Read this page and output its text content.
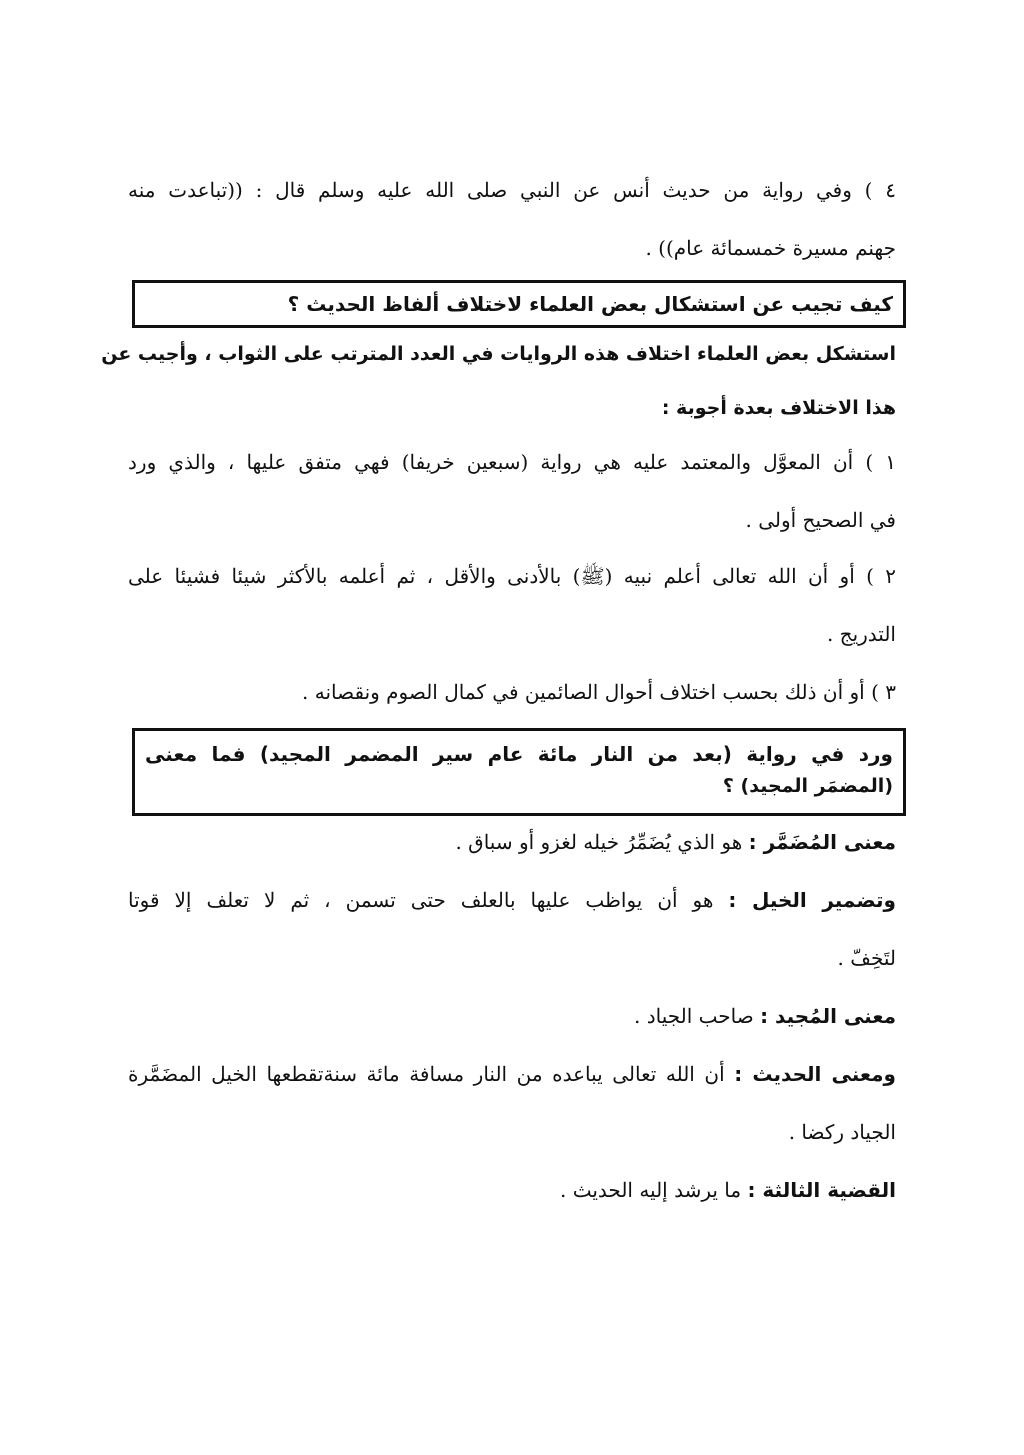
٤ ) وفي رواية من حديث أنس عن النبي صلى الله عليه وسلم قال : ((تباعدت منه
جهنم مسيرة خمسمائة عام)) .
كيف تجيب عن استشكال بعض العلماء لاختلاف ألفاظ الحديث ؟
استشكل بعض العلماء اختلاف هذه الروايات في العدد المترتب على الثواب ، وأجيب عن
هذا الاختلاف بعدة أجوبة :
١ ) أن المعوَّل والمعتمد عليه هي رواية (سبعين خريفا) فهي متفق عليها ، والذي ورد
في الصحيح أولى .
٢ ) أو أن الله تعالى أعلم نبيه (ﷺ) بالأدنى والأقل ، ثم أعلمه بالأكثر شيئا فشيئا على
التدريج .
٣ ) أو أن ذلك بحسب اختلاف أحوال الصائمين في كمال الصوم ونقصانه .
ورد في رواية (بعد من النار مائة عام سير المضمر المجيد) فما معنى
(المضمَر المجيد) ؟
معنى المُضَمَّر : هو الذي يُضَمِّرُ خيله لغزو أو سباق .
وتضمير الخيل : هو أن يواظب عليها بالعلف حتى تسمن ، ثم لا تعلف إلا قوتا
لتَخِفّ .
معنى المُجيد : صاحب الجياد .
ومعنى الحديث : أن الله تعالى يباعده من النار مسافة مائة سنةتقطعها الخيل المضَمَّرة
الجياد ركضا .
القضية الثالثة : ما يرشد إليه الحديث .
